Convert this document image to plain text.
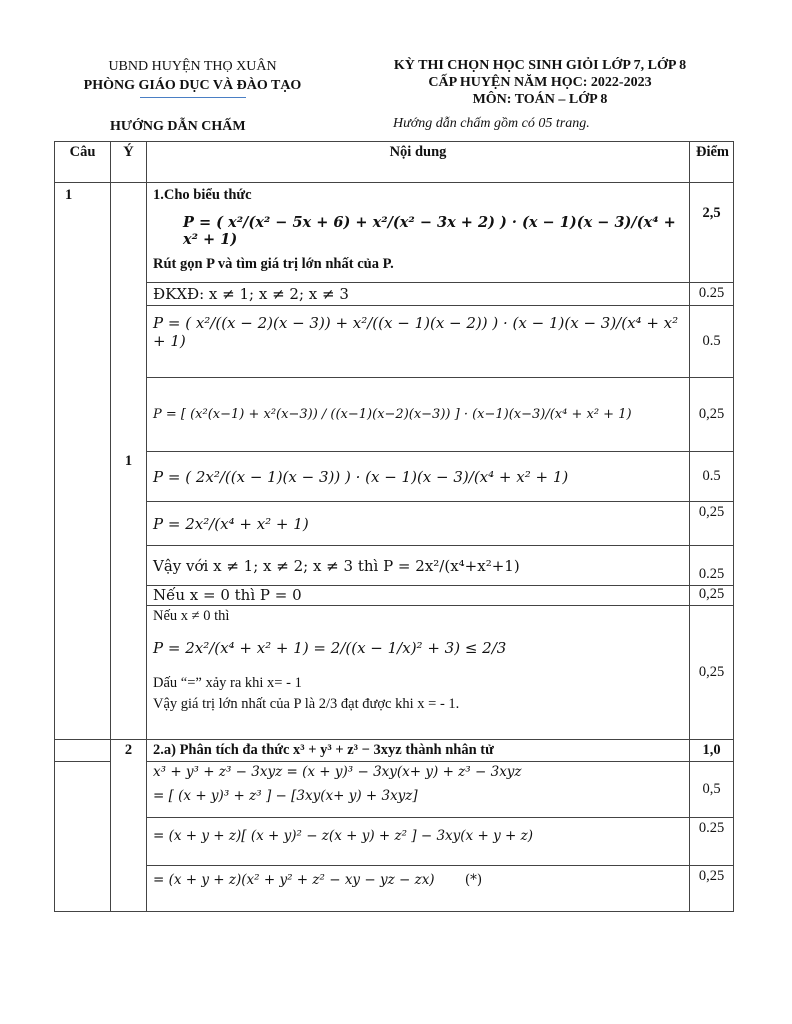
UBND HUYỆN THỌ XUÂN
PHÒNG GIÁO DỤC VÀ ĐÀO TẠO
KỲ THI CHỌN HỌC SINH GIỎI LỚP 7, LỚP 8
CẤP HUYỆN NĂM HỌC: 2022-2023
MÔN: TOÁN – LỚP 8
HƯỚNG DẪN CHẤM	Hướng dẫn chấm gồm có 05 trang.
Câu	Ý	Nội dung	Điểm
1	1	1.Cho biểu thức
P = ( x²/(x² − 5x + 6) + x²/(x² − 3x + 2) ) · (x − 1)(x − 3)/(x⁴ + x² + 1)
Rút gọn P và tìm giá trị lớn nhất của P.	2,5
		ĐKXĐ: x ≠ 1; x ≠ 2; x ≠ 3	0.25
		P = ( x²/((x − 2)(x − 3)) + x²/((x − 1)(x − 2)) ) · (x − 1)(x − 3)/(x⁴ + x² + 1)	0.5
		P = [ (x²(x−1) + x²(x−3)) / ((x−1)(x−2)(x−3)) ] · (x−1)(x−3)/(x⁴ + x² + 1)	0,25
		P = ( 2x²/((x − 1)(x − 3)) ) · (x − 1)(x − 3)/(x⁴ + x² + 1)	0.5
		P = 2x²/(x⁴ + x² + 1)	0,25
		Vậy với x ≠ 1; x ≠ 2; x ≠ 3 thì P = 2x²/(x⁴+x²+1)	0.25
		Nếu x = 0 thì P = 0	0,25

		Nếu x ≠ 0 thì
P = 2x²/(x⁴ + x² + 1) = 2/((x − 1/x)² + 3) ≤ 2/3
Dấu “=” xảy ra khi x= - 1
Vậy giá trị lớn nhất của P là 2/3 đạt được khi x = - 1.	0,25
	2	2.a) Phân tích đa thức x³ + y³ + z³ − 3xyz thành nhân tử	1,0

		x³ + y³ + z³ − 3xyz = (x + y)³ − 3xy(x+ y) + z³ − 3xyz
= [ (x + y)³ + z³ ] − [3xy(x+ y) + 3xyz]	0,5
		= (x + y + z)[ (x + y)² − z(x + y) + z² ] − 3xy(x + y + z)	0.25
		= (x + y + z)(x² + y² + z² − xy − yz − zx) (*)	0,25
